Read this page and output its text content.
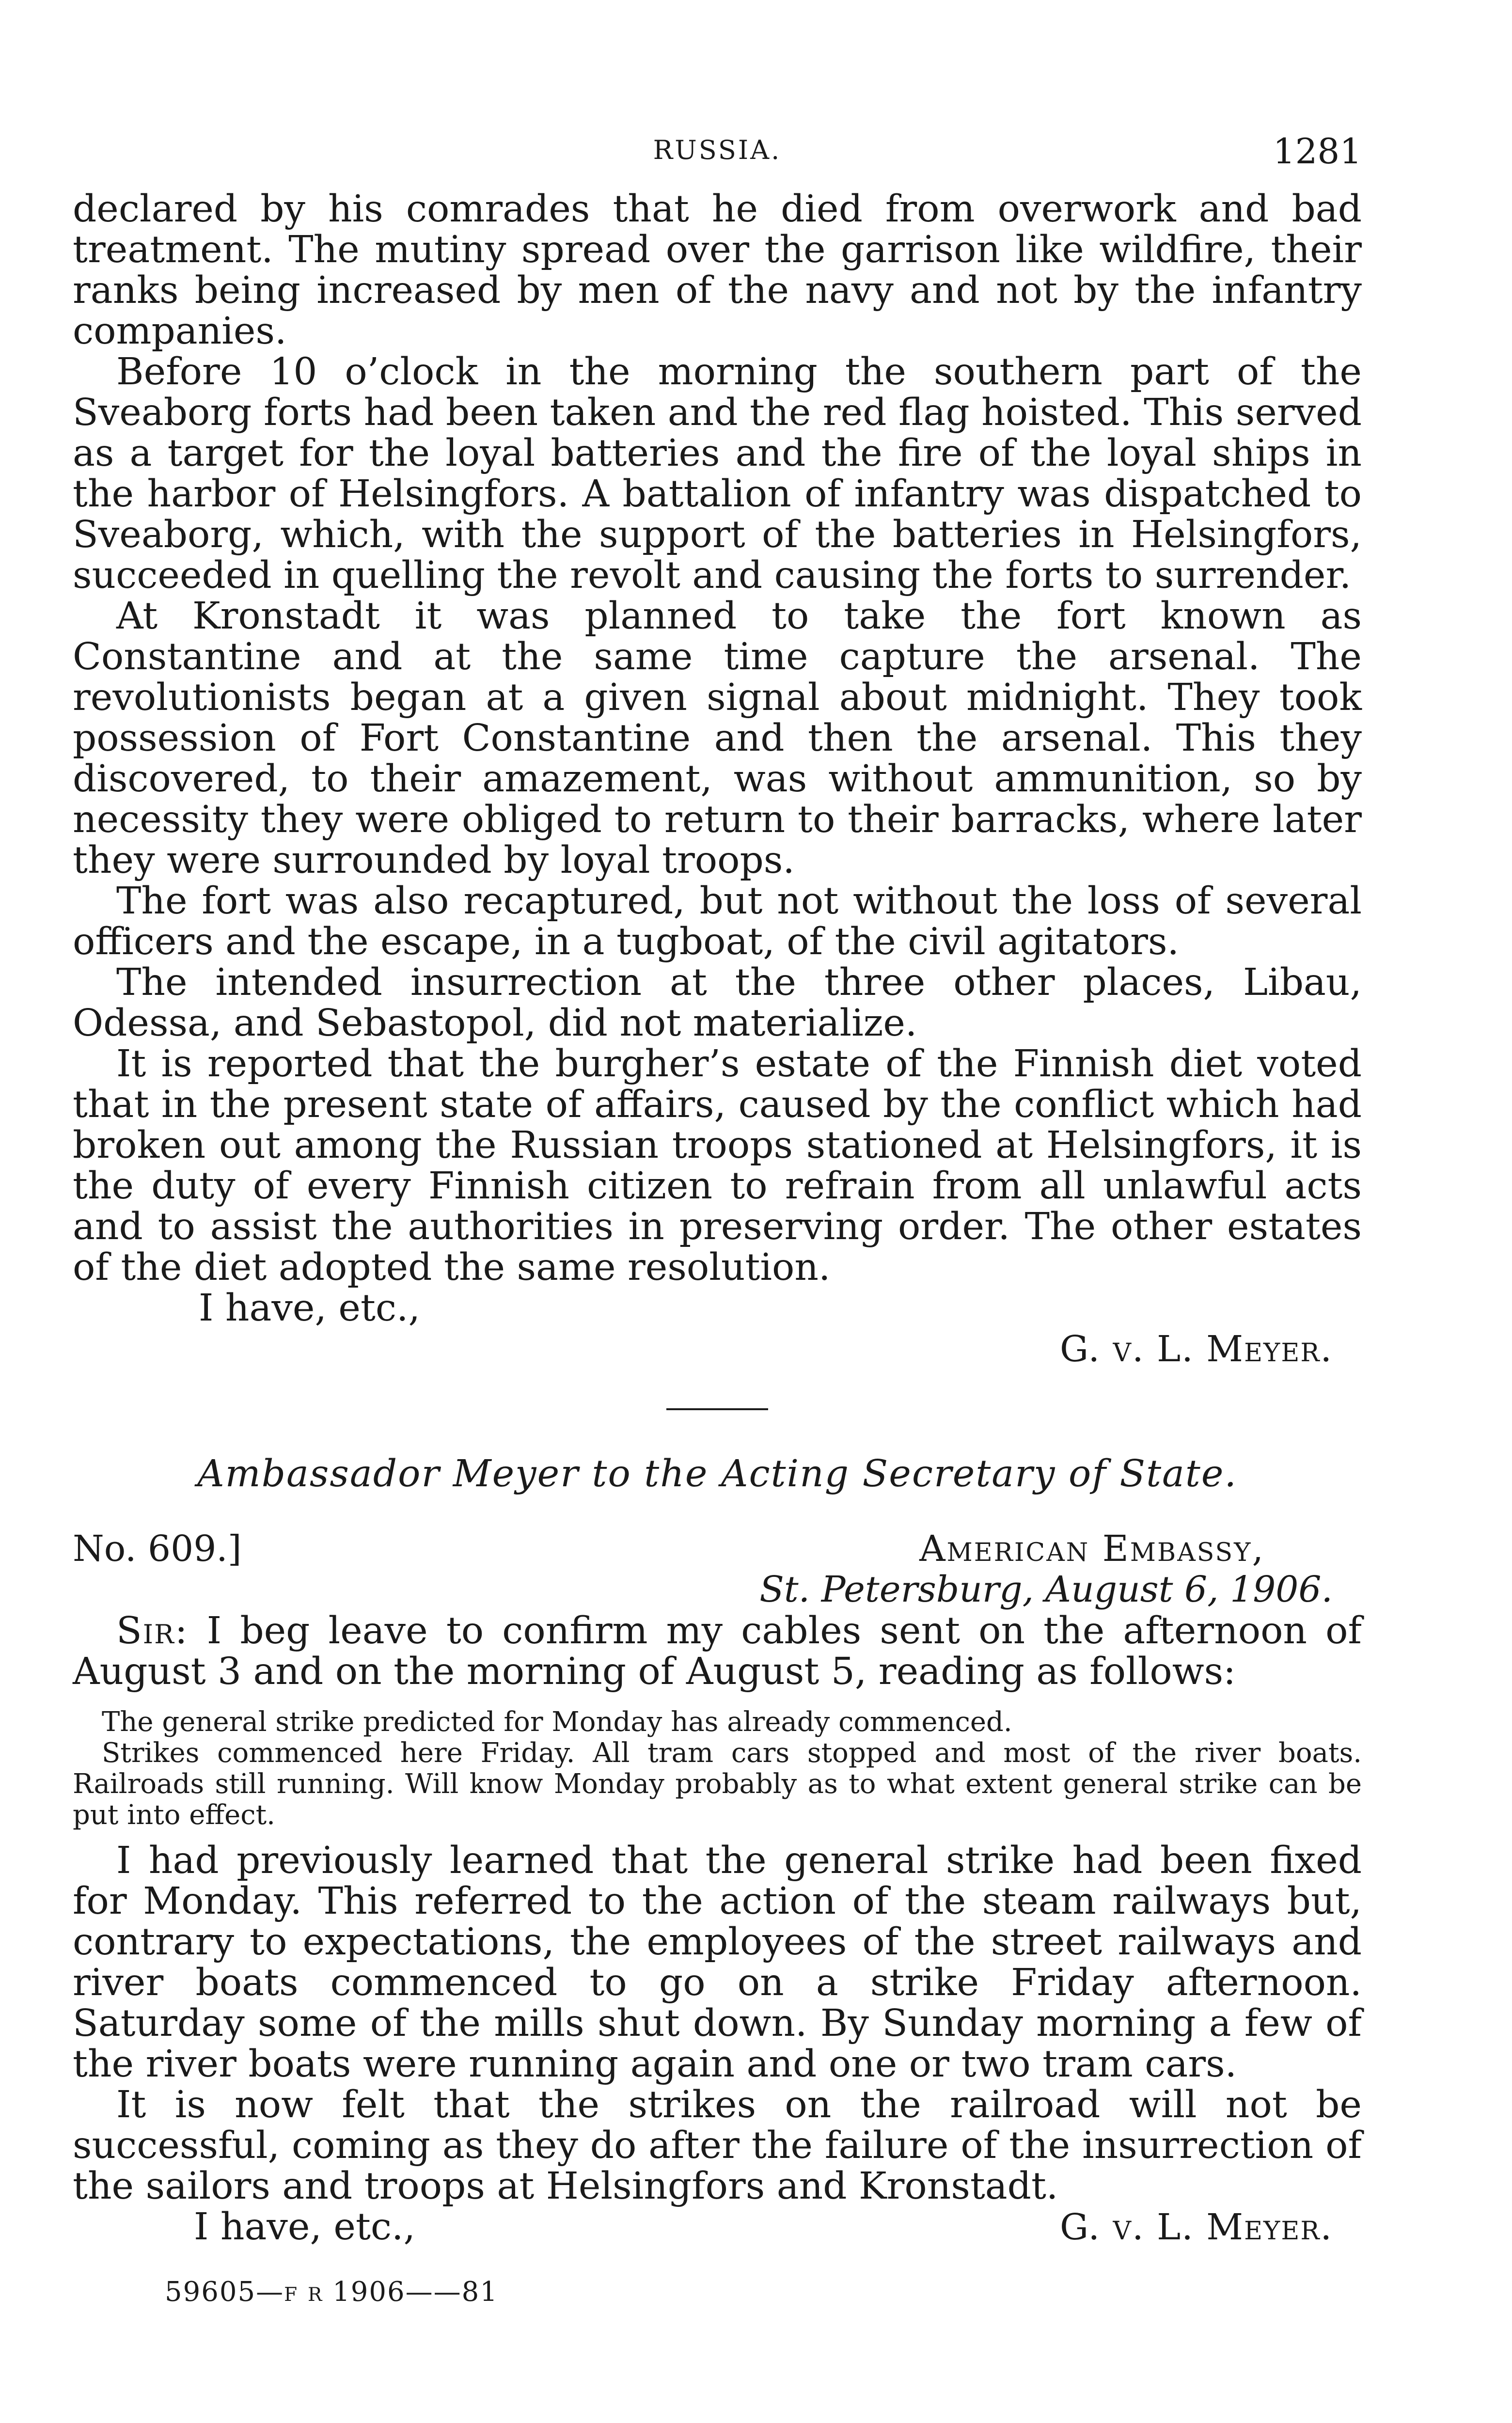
RUSSIA.	1281

declared by his comrades that he died from overwork and bad treatment. The mutiny spread over the garrison like wildfire, their ranks being increased by men of the navy and not by the infantry companies.

Before 10 o’clock in the morning the southern part of the Sveaborg forts had been taken and the red flag hoisted. This served as a target for the loyal batteries and the fire of the loyal ships in the harbor of Helsingfors. A battalion of infantry was dispatched to Sveaborg, which, with the support of the batteries in Helsingfors, succeeded in quelling the revolt and causing the forts to surrender.

At Kronstadt it was planned to take the fort known as Constantine and at the same time capture the arsenal. The revolutionists began at a given signal about midnight. They took possession of Fort Constantine and then the arsenal. This they discovered, to their amazement, was without ammunition, so by necessity they were obliged to return to their barracks, where later they were surrounded by loyal troops.

The fort was also recaptured, but not without the loss of several officers and the escape, in a tugboat, of the civil agitators.

The intended insurrection at the three other places, Libau, Odessa, and Sebastopol, did not materialize.

It is reported that the burgher’s estate of the Finnish diet voted that in the present state of affairs, caused by the conflict which had broken out among the Russian troops stationed at Helsingfors, it is the duty of every Finnish citizen to refrain from all unlawful acts and to assist the authorities in preserving order. The other estates of the diet adopted the same resolution.

I have, etc.,
G. v. L. Meyer.
Ambassador Meyer to the Acting Secretary of State.
No. 609.]	American Embassy,
St. Petersburg, August 6, 1906.

Sir: I beg leave to confirm my cables sent on the afternoon of August 3 and on the morning of August 5, reading as follows:

The general strike predicted for Monday has already commenced.

Strikes commenced here Friday. All tram cars stopped and most of the river boats. Railroads still running. Will know Monday probably as to what extent general strike can be put into effect.

I had previously learned that the general strike had been fixed for Monday. This referred to the action of the steam railways but, contrary to expectations, the employees of the street railways and river boats commenced to go on a strike Friday afternoon. Saturday some of the mills shut down. By Sunday morning a few of the river boats were running again and one or two tram cars.

It is now felt that the strikes on the railroad will not be successful, coming as they do after the failure of the insurrection of the sailors and troops at Helsingfors and Kronstadt.

I have, etc.,	G. v. L. Meyer.
59605—f r 1906——81
